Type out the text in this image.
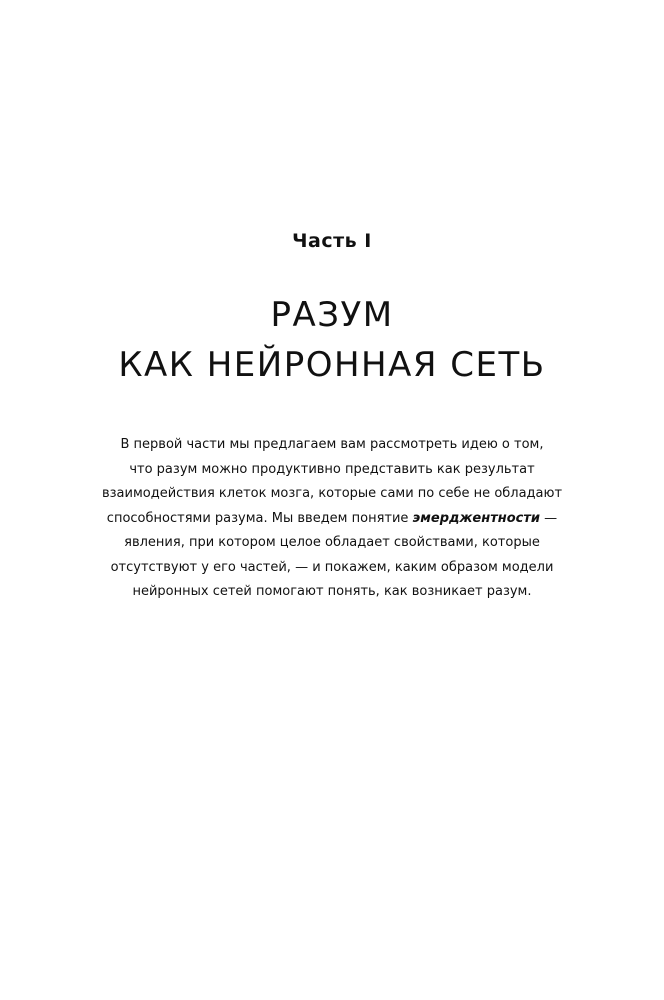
Часть I
РАЗУМ
КАК НЕЙРОННАЯ СЕТЬ
В первой части мы предлагаем вам рассмотреть идею о том,
что разум можно продуктивно представить как результат
взаимодействия клеток мозга, которые сами по себе не обладают
способностями разума. Мы введем понятие эмерджентности —
явления, при котором целое обладает свойствами, которые
отсутствуют у его частей, — и покажем, каким образом модели
нейронных сетей помогают понять, как возникает разум.
